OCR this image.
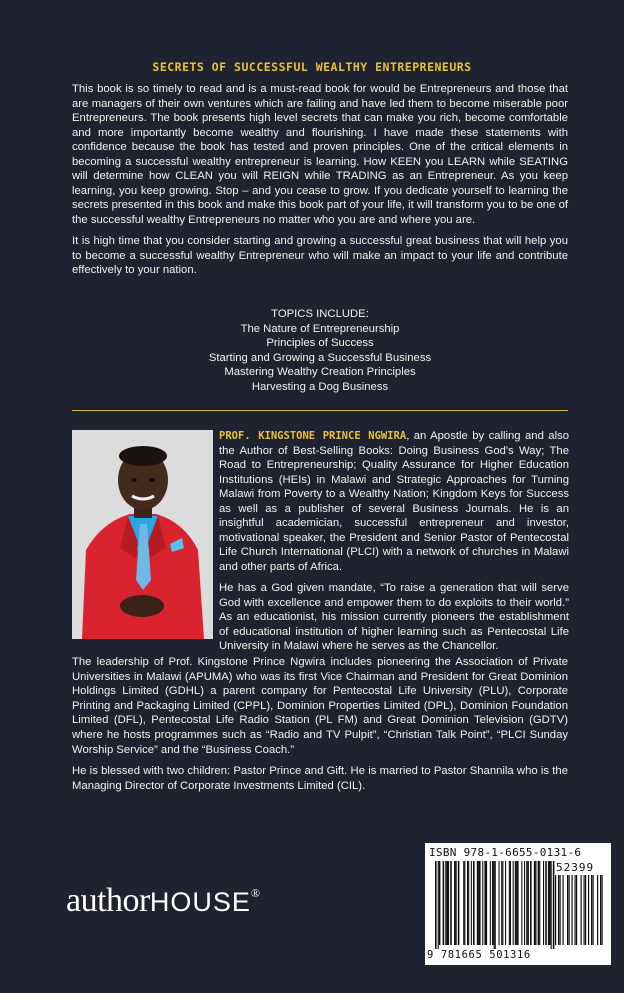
SECRETS OF SUCCESSFUL WEALTHY ENTREPRENEURS

This book is so timely to read and is a must-read book for would be Entrepreneurs and those that are managers of their own ventures which are failing and have led them to become miserable poor Entrepreneurs. The book presents high level secrets that can make you rich, become comfortable and more importantly become wealthy and flourishing. I have made these statements with confidence because the book has tested and proven principles. One of the critical elements in becoming a successful wealthy entrepreneur is learning. How KEEN you LEARN while SEATING will determine how CLEAN you will REIGN while TRADING as an Entrepreneur. As you keep learning, you keep growing. Stop – and you cease to grow. If you dedicate yourself to learning the secrets presented in this book and make this book part of your life, it will transform you to be one of the successful wealthy Entrepreneurs no matter who you are and where you are.

It is high time that you consider starting and growing a successful great business that will help you to become a successful wealthy Entrepreneur who will make an impact to your life and contribute effectively to your nation.

TOPICS INCLUDE:
The Nature of Entrepreneurship
Principles of Success
Starting and Growing a Successful Business
Mastering Wealthy Creation Principles
Harvesting a Dog Business

PROF. KINGSTONE PRINCE NGWIRA, an Apostle by calling and also the Author of Best-Selling Books: Doing Business God's Way; The Road to Entrepreneurship; Quality Assurance for Higher Education Institutions (HEIs) in Malawi and Strategic Approaches for Turning Malawi from Poverty to a Wealthy Nation; Kingdom Keys for Success as well as a publisher of several Business Journals. He is an insightful academician, successful entrepreneur and investor, motivational speaker, the President and Senior Pastor of Pentecostal Life Church International (PLCI) with a network of churches in Malawi and other parts of Africa.

He has a God given mandate, “To raise a generation that will serve God with excellence and empower them to do exploits to their world.” As an educationist, his mission currently pioneers the establishment of educational institution of higher learning such as Pentecostal Life University in Malawi where he serves as the Chancellor.

The leadership of Prof. Kingstone Prince Ngwira includes pioneering the Association of Private Universities in Malawi (APUMA) who was its first Vice Chairman and President for Great Dominion Holdings Limited (GDHL) a parent company for Pentecostal Life University (PLU), Corporate Printing and Packaging Limited (CPPL), Dominion Properties Limited (DPL), Dominion Foundation Limited (DFL), Pentecostal Life Radio Station (PL FM) and Great Dominion Television (GDTV) where he hosts programmes such as “Radio and TV Pulpit”, “Christian Talk Point”, “PLCI Sunday Worship Service” and the “Business Coach.”

He is blessed with two children: Pastor Prince and Gift. He is married to Pastor Shannila who is the Managing Director of Corporate Investments Limited (CIL).

authorHOUSE®
ISBN 978-1-6655-0131-6
52399
9 781665 501316
